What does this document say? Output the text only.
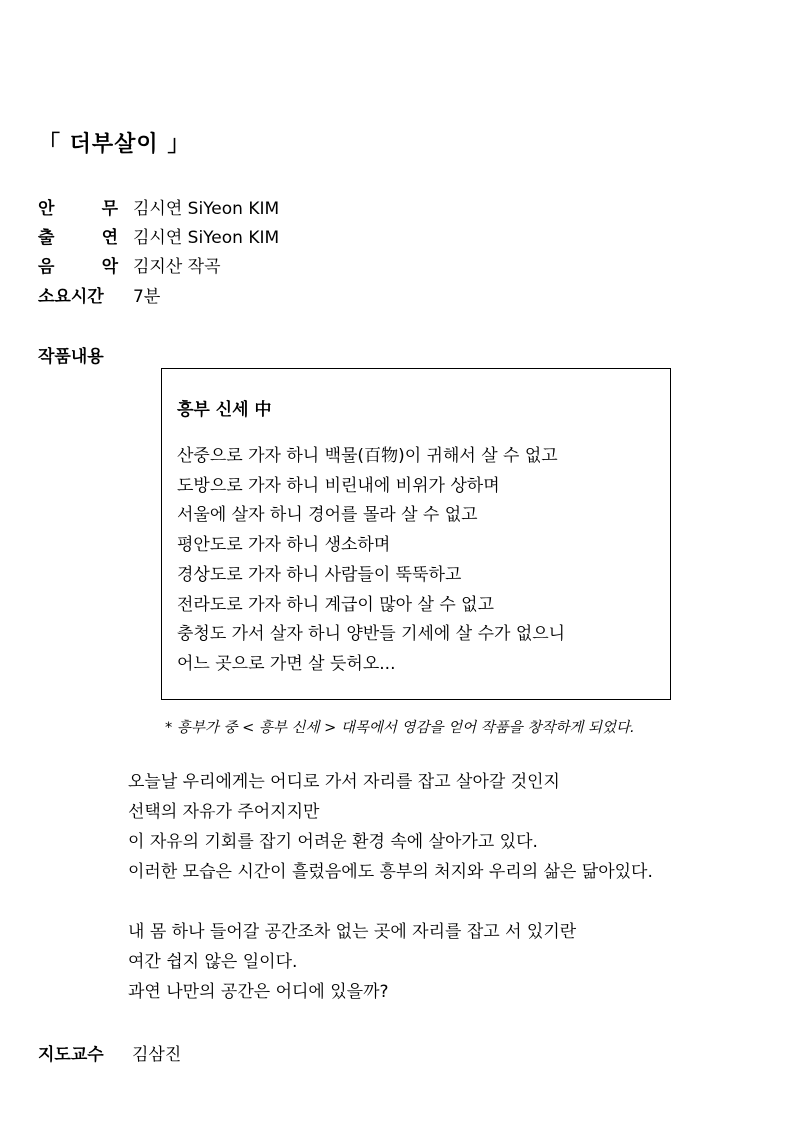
「 더부살이 」
안	무 김시연 SiYeon KIM
출	연 김시연 SiYeon KIM
음	악 김지산 작곡
소요시간 7분
작품내용
흥부 신세 中
산중으로 가자 하니 백물(百物)이 귀해서 살 수 없고
도방으로 가자 하니 비린내에 비위가 상하며
서울에 살자 하니 경어를 몰라 살 수 없고
평안도로 가자 하니 생소하며
경상도로 가자 하니 사람들이 뚝뚝하고
전라도로 가자 하니 계급이 많아 살 수 없고
충청도 가서 살자 하니 양반들 기세에 살 수가 없으니
어느 곳으로 가면 살 듯허오...
* 흥부가 중 < 흥부 신세 > 대목에서 영감을 얻어 작품을 창작하게 되었다.
오늘날 우리에게는 어디로 가서 자리를 잡고 살아갈 것인지
선택의 자유가 주어지지만
이 자유의 기회를 잡기 어려운 환경 속에 살아가고 있다.
이러한 모습은 시간이 흘렀음에도 흥부의 처지와 우리의 삶은 닮아있다.
내 몸 하나 들어갈 공간조차 없는 곳에 자리를 잡고 서 있기란
여간 쉽지 않은 일이다.
과연 나만의 공간은 어디에 있을까?
지도교수	김삼진
